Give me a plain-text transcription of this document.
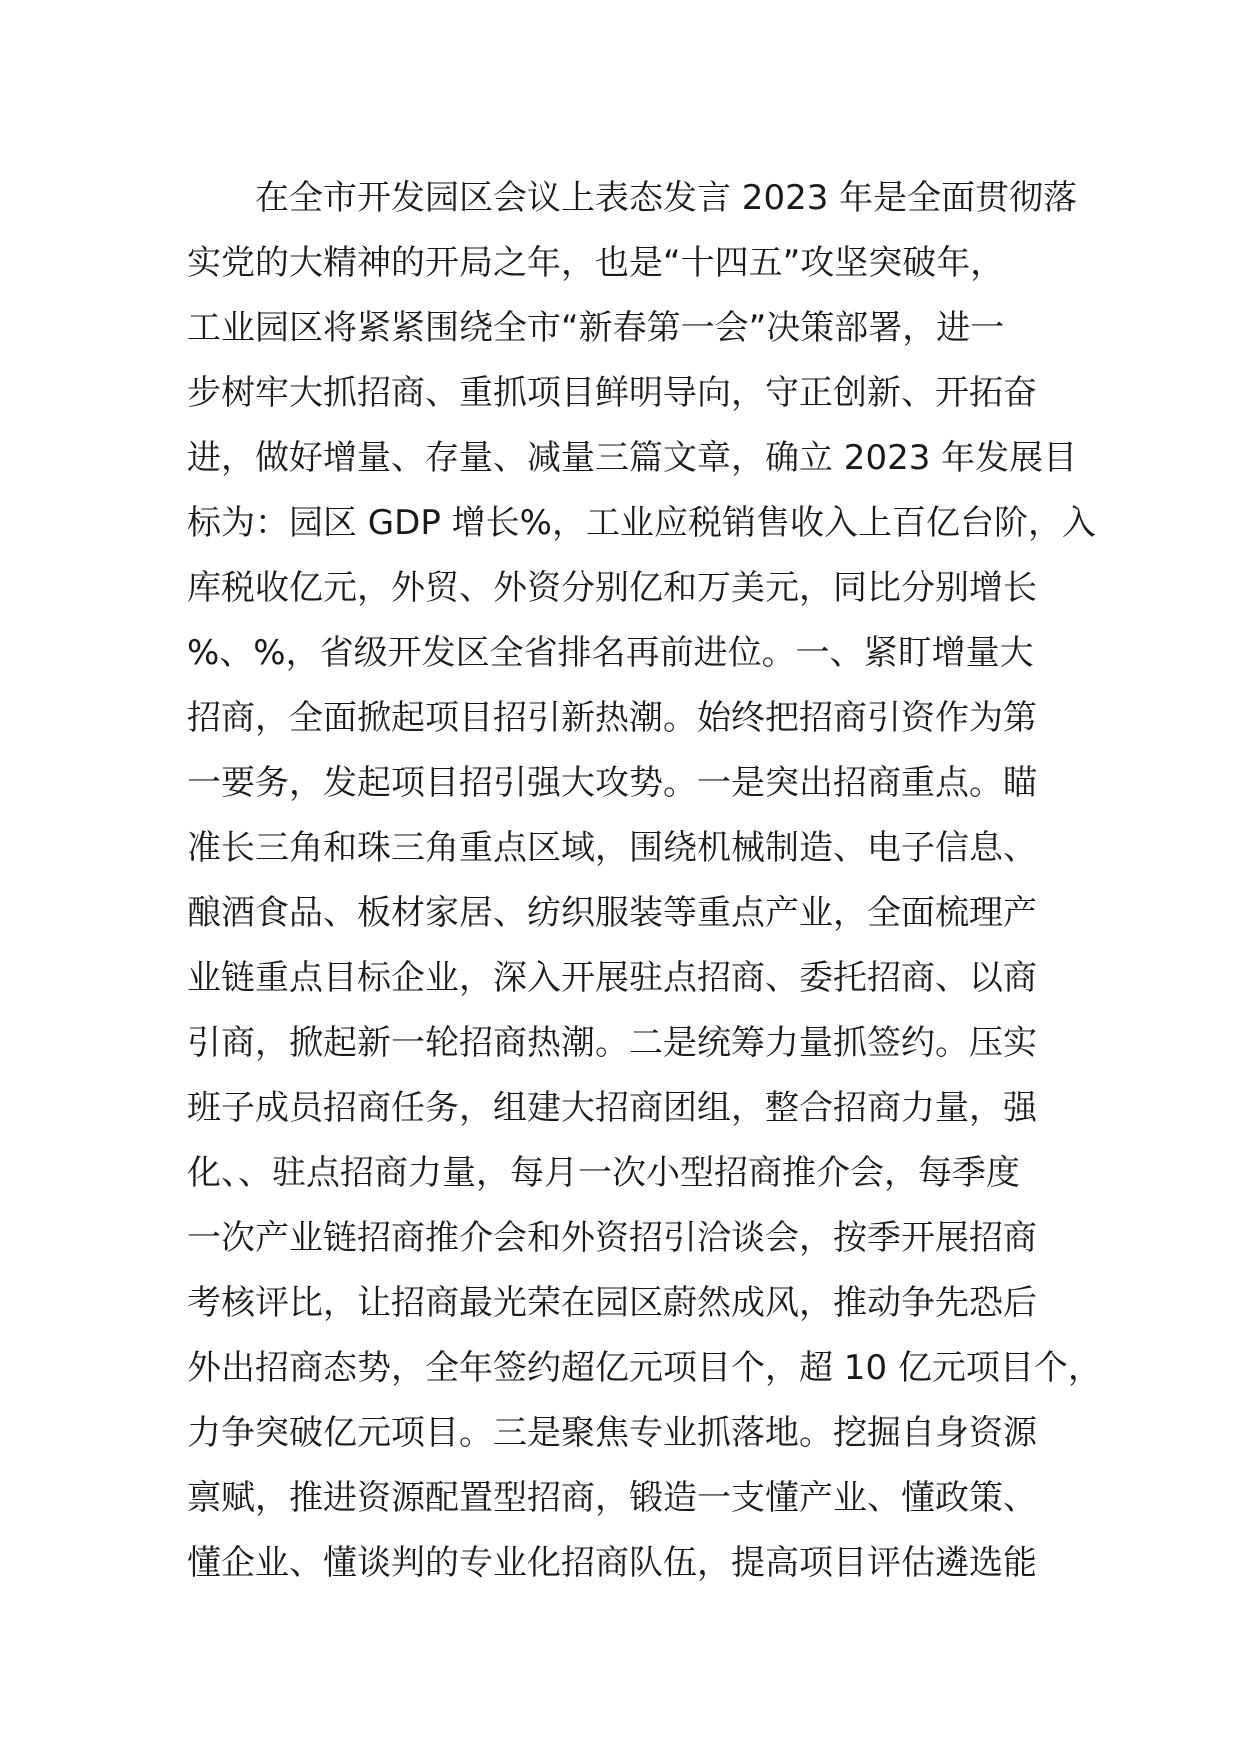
在全市开发园区会议上表态发言 2023 年是全面贯彻落
实党的大精神的开局之年，也是“十四五”攻坚突破年，
工业园区将紧紧围绕全市“新春第一会”决策部署，进一
步树牢大抓招商、重抓项目鲜明导向，守正创新、开拓奋
进，做好增量、存量、减量三篇文章，确立 2023 年发展目
标为：园区 GDP 增长%，工业应税销售收入上百亿台阶，入
库税收亿元，外贸、外资分别亿和万美元，同比分别增长
%、%，省级开发区全省排名再前进位。一、紧盯增量大
招商，全面掀起项目招引新热潮。始终把招商引资作为第
一要务，发起项目招引强大攻势。一是突出招商重点。瞄
准长三角和珠三角重点区域，围绕机械制造、电子信息、
酿酒食品、板材家居、纺织服装等重点产业，全面梳理产
业链重点目标企业，深入开展驻点招商、委托招商、以商
引商，掀起新一轮招商热潮。二是统筹力量抓签约。压实
班子成员招商任务，组建大招商团组，整合招商力量，强
化、、驻点招商力量，每月一次小型招商推介会，每季度
一次产业链招商推介会和外资招引洽谈会，按季开展招商
考核评比，让招商最光荣在园区蔚然成风，推动争先恐后
外出招商态势，全年签约超亿元项目个，超 10 亿元项目个，
力争突破亿元项目。三是聚焦专业抓落地。挖掘自身资源
禀赋，推进资源配置型招商，锻造一支懂产业、懂政策、
懂企业、懂谈判的专业化招商队伍，提高项目评估遴选能
